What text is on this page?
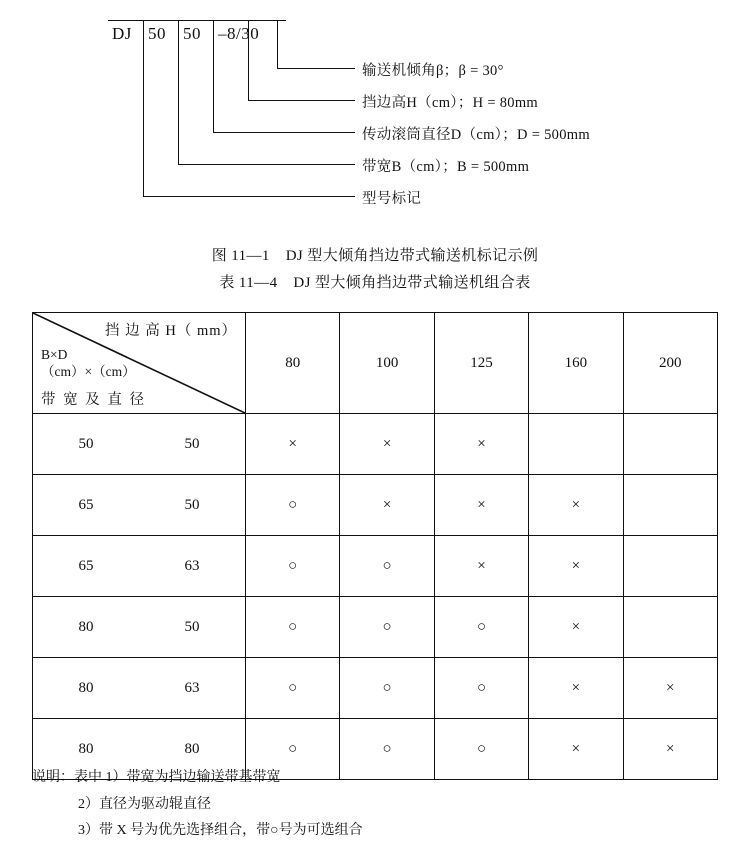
DJ 50 50 –8/30
输送机倾角β；β = 30°
挡边高H（cm）；H = 80mm
传动滚筒直径D（cm）；D = 500mm
带宽B（cm）；B = 500mm
型号标记

图 11—1 DJ 型大倾角挡边带式输送机标记示例

表 11—4 DJ 型大倾角挡边带式输送机组合表

挡 边 高 H（ mm）
B×D
（cm）×（cm）
带 宽 及 直 径	80	100	125	160	200

50 50	×	×	×		

65 50	○	×	×	×	

65 63	○	○	×	×	

80 50	○	○	○	×	

80 63	○	○	○	×	×

80 80	○	○	○	×	×
说明：表中 1）带宽为挡边输送带基带宽
2）直径为驱动辊直径
3）带 X 号为优先选择组合，带○号为可选组合
